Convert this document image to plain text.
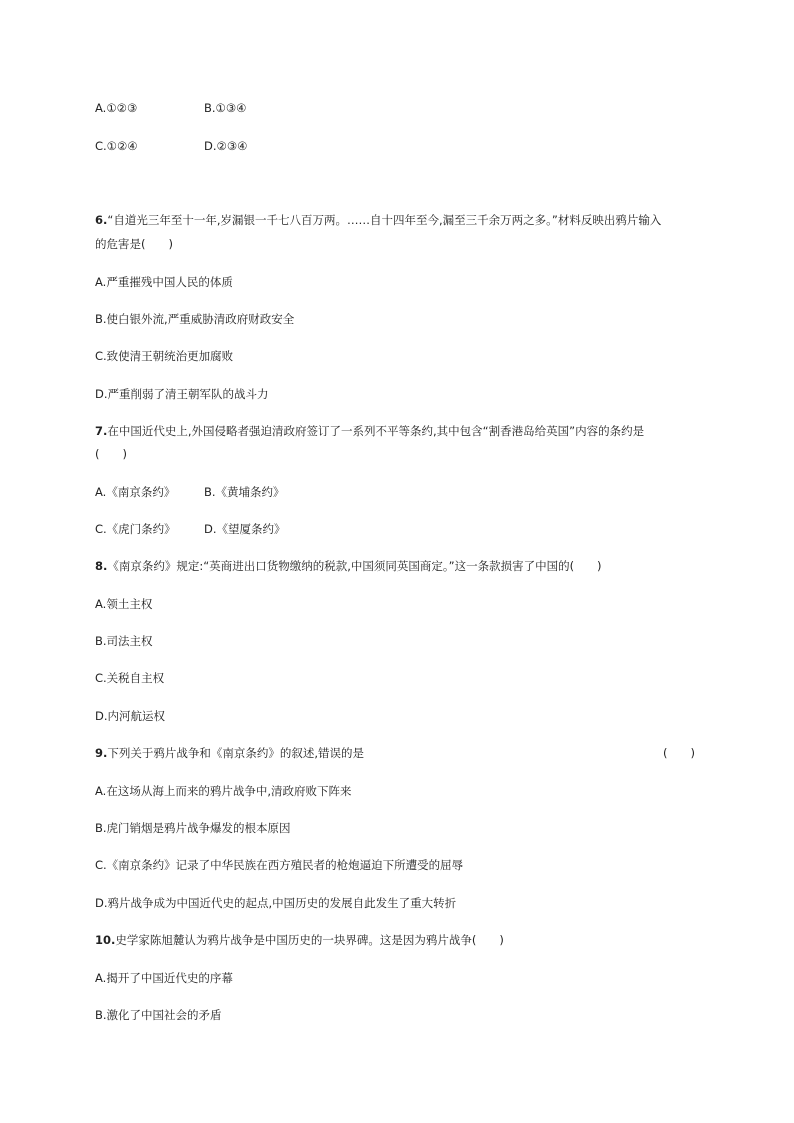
A.①②③	B.①③④
C.①②④	D.②③④
6.“自道光三年至十一年,岁漏银一千七八百万两。……自十四年至今,漏至三千余万两之多。”材料反映出鸦片输入
的危害是(　　)
A.严重摧残中国人民的体质
B.使白银外流,严重威胁清政府财政安全
C.致使清王朝统治更加腐败
D.严重削弱了清王朝军队的战斗力
7.在中国近代史上,外国侵略者强迫清政府签订了一系列不平等条约,其中包含“割香港岛给英国”内容的条约是
(　　)
A.《南京条约》 B.《黄埔条约》
C.《虎门条约》 D.《望厦条约》
8.《南京条约》规定:“英商进出口货物缴纳的税款,中国须同英国商定。”这一条款损害了中国的(　　)
A.领土主权
B.司法主权
C.关税自主权
D.内河航运权
9.下列关于鸦片战争和《南京条约》的叙述,错误的是	(　　)
A.在这场从海上而来的鸦片战争中,清政府败下阵来
B.虎门销烟是鸦片战争爆发的根本原因
C.《南京条约》记录了中华民族在西方殖民者的枪炮逼迫下所遭受的屈辱
D.鸦片战争成为中国近代史的起点,中国历史的发展自此发生了重大转折
10.史学家陈旭麓认为鸦片战争是中国历史的一块界碑。这是因为鸦片战争(　　)
A.揭开了中国近代史的序幕
B.激化了中国社会的矛盾
